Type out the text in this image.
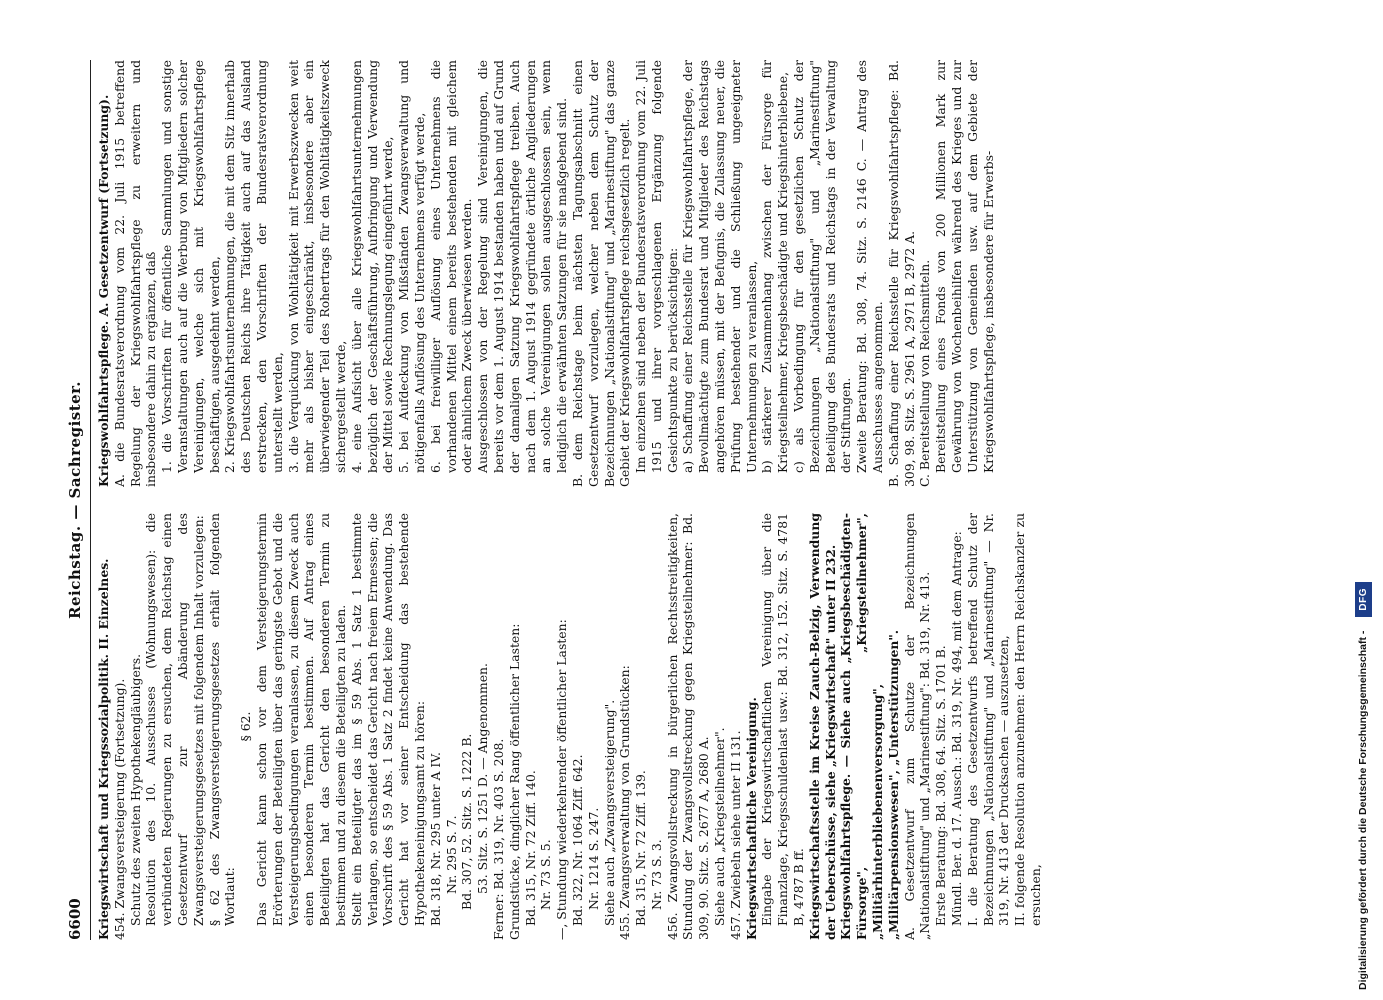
6600
Reichstag. — Sachregister.

Kriegswirtschaft und Kriegssozialpolitik. II. Einzelnes. 454. Zwangsversteigerung (Fortsetzung). Schutz des zweiten Hypothekengläubigers. Resolution des 10. Ausschusses (Wohnungswesen): die verbündeten Regierungen zu ersuchen, dem Reichstag einen Gesetzentwurf zur Abänderung des Zwangsversteigerungsgesetzes mit folgendem Inhalt vorzulegen: § 62 des Zwangsversteigerungsgesetzes erhält folgenden Wortlaut:

§ 62. Das Gericht kann schon vor dem Versteigerungstermin Erörterungen der Beteiligten über das geringste Gebot und die Versteigerungsbedingungen veranlassen, zu diesem Zweck auch einen besonderen Termin bestimmen. Auf Antrag eines Beteiligten hat das Gericht den besonderen Termin zu bestimmen und zu diesem die Beteiligten zu laden. Stellt ein Beteiligter das im § 59 Abs. 1 Satz 1 bestimmte Verlangen, so entscheidet das Gericht nach freiem Ermessen; die Vorschrift des § 59 Abs. 1 Satz 2 findet keine Anwendung. Das Gericht hat vor seiner Entscheidung das bestehende Hypothekeneinigungsamt zu hören: Bd. 318, Nr. 295 unter A IV. Nr. 295 S. 7. Bd. 307, 52. Sitz. S. 1222 B. 53. Sitz. S. 1251 D. — Angenommen. Ferner: Bd. 319, Nr. 403 S. 208. Grundstücke, dinglicher Rang öffentlicher Lasten: Bd. 315, Nr. 72 Ziff. 140. Nr. 73 S. 5. —, Stundung wiederkehrender öffentlicher Lasten: Bd. 322, Nr. 1064 Ziff. 642. Nr. 1214 S. 247. Siehe auch „Zwangsversteigerung". 455. Zwangsverwaltung von Grundstücken: Bd. 315, Nr. 72 Ziff. 139. Nr. 73 S. 3. 456. Zwangsvollstreckung in bürgerlichen Rechtsstreitigkeiten, Stundung der Zwangsvollstreckung gegen Kriegsteilnehmer: Bd. 309, 90. Sitz. S. 2677 A, 2680 A. Siehe auch „Kriegsteilnehmer". 457. Zwiebeln siehe unter II 131. Kriegswirtschaftliche Vereinigung. Eingabe der Kriegswirtschaftlichen Vereinigung über die Finanzlage, Kriegsschuldenlast usw.: Bd. 312, 152. Sitz. S. 4781 B, 4787 B ff. Kriegswirtschaftsstelle im Kreise Zauch-Belzig, Verwendung der Ueberschüsse, siehe „Kriegswirtschaft" unter II 232. Kriegswohlfahrtspflege. — Siehe auch „Kriegsbeschädigten-Fürsorge", „Kriegsteilnehmer", „Militärhinterbliebenenversorgung", „Militärpensionswesen", „Unterstützungen". A. Gesetzentwurf zum Schutze der Bezeichnungen „Nationalstiftung" und „Marinestiftung": Bd. 319, Nr. 413. Erste Beratung: Bd. 308, 64. Sitz. S. 1701 B. Mündl. Ber. d. 17. Aussch.: Bd. 319, Nr. 494, mit dem Antrage: I. die Beratung des Gesetzentwurfs betreffend Schutz der Bezeichnungen „Nationalstiftung" und „Marinestiftung" — Nr. 319, Nr. 413 der Drucksachen — auszusetzen, II. folgende Resolution anzunehmen: den Herrn Reichskanzler zu ersuchen,

Kriegswohlfahrtspflege. A. Gesetzentwurf (Fortsetzung). A. die Bundesratsverordnung vom 22. Juli 1915 betreffend Regelung der Kriegswohlfahrtspflege zu erweitern und insbesondere dahin zu ergänzen, daß 1. die Vorschriften für öffentliche Sammlungen und sonstige Veranstaltungen auch auf die Werbung von Mitgliedern solcher Vereinigungen, welche sich mit Kriegswohlfahrtspflege beschäftigen, ausgedehnt werden, 2. Kriegswohlfahrtsunternehmungen, die mit dem Sitz innerhalb des Deutschen Reichs ihre Tätigkeit auch auf das Ausland erstrecken, den Vorschriften der Bundesratsverordnung unterstellt werden, 3. die Verquickung von Wohltätigkeit mit Erwerbszwecken weit mehr als bisher eingeschränkt, insbesondere aber ein überwiegender Teil des Rohertrags für den Wohltätigkeitszweck sichergestellt werde, 4. eine Aufsicht über alle Kriegswohlfahrtsunternehmungen bezüglich der Geschäftsführung, Aufbringung und Verwendung der Mittel sowie Rechnungslegung eingeführt werde, 5. bei Aufdeckung von Mißständen Zwangsverwaltung und nötigenfalls Auflösung des Unternehmens verfügt werde, 6. bei freiwilliger Auflösung eines Unternehmens die vorhandenen Mittel einem bereits bestehenden mit gleichem oder ähnlichem Zweck überwiesen werden. Ausgeschlossen von der Regelung sind Vereinigungen, die bereits vor dem 1. August 1914 bestanden haben und auf Grund der damaligen Satzung Kriegswohlfahrtspflege treiben. Auch nach dem 1. August 1914 gegründete örtliche Angliederungen an solche Vereinigungen sollen ausgeschlossen sein, wenn lediglich die erwähnten Satzungen für sie maßgebend sind. B. dem Reichstage beim nächsten Tagungsabschnitt einen Gesetzentwurf vorzulegen, welcher neben dem Schutz der Bezeichnungen „Nationalstiftung" und „Marinestiftung" das ganze Gebiet der Kriegswohlfahrtspflege reichsgesetzlich regelt. Im einzelnen sind neben der Bundesratsverordnung vom 22. Juli 1915 und ihrer vorgeschlagenen Ergänzung folgende Gesichtspunkte zu berücksichtigen: a) Schaffung einer Reichsstelle für Kriegswohlfahrtspflege, der Bevollmächtigte zum Bundesrat und Mitglieder des Reichstags angehören müssen, mit der Befugnis, die Zulassung neuer, die Prüfung bestehender und die Schließung ungeeigneter Unternehmungen zu veranlassen, b) stärkerer Zusammenhang zwischen der Fürsorge für Kriegsteilnehmer, Kriegsbeschädigte und Kriegshinterbliebene, c) als Vorbedingung für den gesetzlichen Schutz der Bezeichnungen „Nationalstiftung" und „Marinestiftung" Beteiligung des Bundesrats und Reichstags in der Verwaltung der Stiftungen. Zweite Beratung: Bd. 308, 74. Sitz. S. 2146 C. — Antrag des Ausschusses angenommen. B. Schaffung einer Reichsstelle für Kriegswohlfahrtspflege: Bd. 309, 98. Sitz. S. 2961 A, 2971 B, 2972 A. C. Bereitstellung von Reichsmitteln. Bereitstellung eines Fonds von 200 Millionen Mark zur Gewährung von Wochenbeihilfen während des Krieges und zur Unterstützung von Gemeinden usw. auf dem Gebiete der Kriegswohlfahrtspflege, insbesondere für Erwerbs-

Digitalisierung gefördert durch die Deutsche Forschungsgemeinschaft -
DFG
